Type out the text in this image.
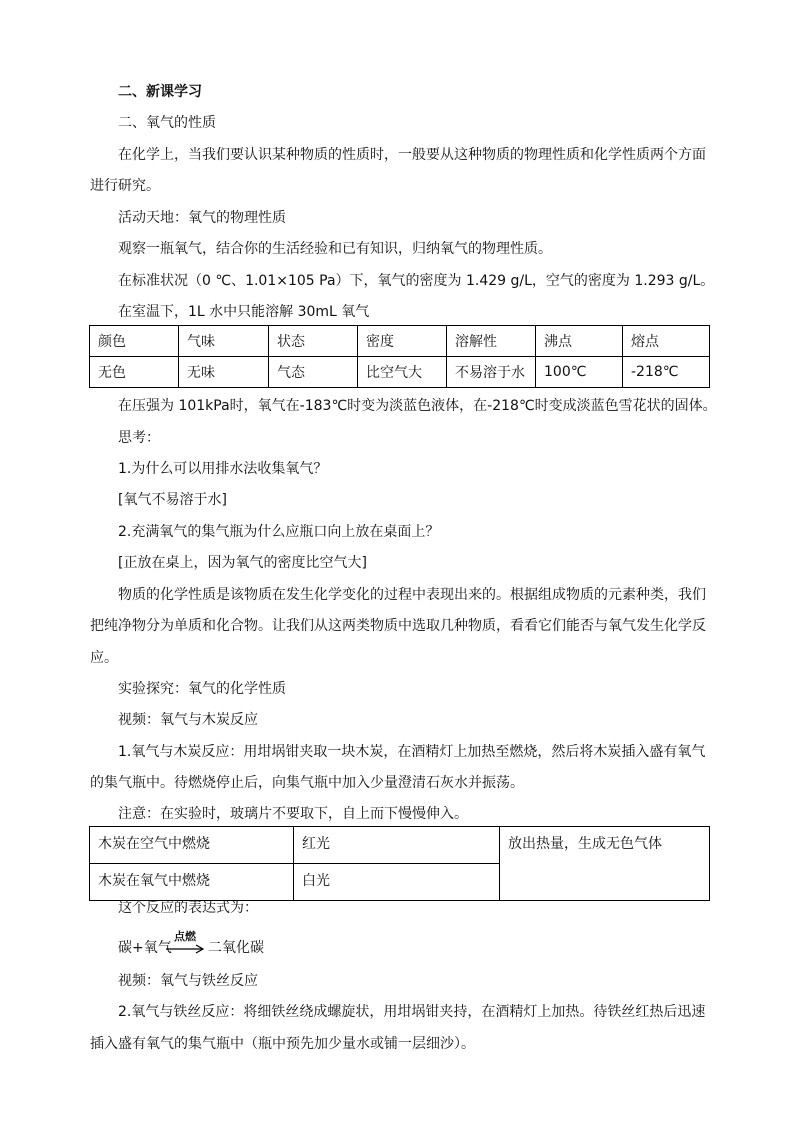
二、新课学习
二、氧气的性质
在化学上，当我们要认识某种物质的性质时，一般要从这种物质的物理性质和化学性质两个方面
进行研究。
活动天地：氧气的物理性质
观察一瓶氧气，结合你的生活经验和已有知识，归纳氧气的物理性质。
在标准状况（0 ℃、1.01×105 Pa）下，氧气的密度为 1.429 g/L，空气的密度为 1.293 g/L。
在室温下，1L 水中只能溶解 30mL 氧气
颜色	气味	状态	密度	溶解性	沸点	熔点
无色	无味	气态	比空气大	不易溶于水	100℃	-218℃
在压强为 101kPa时，氧气在-183℃时变为淡蓝色液体，在-218℃时变成淡蓝色雪花状的固体。
思考：
1.为什么可以用排水法收集氧气？
[氧气不易溶于水]
2.充满氧气的集气瓶为什么应瓶口向上放在桌面上？
[正放在桌上，因为氧气的密度比空气大]
物质的化学性质是该物质在发生化学变化的过程中表现出来的。根据组成物质的元素种类，我们
把纯净物分为单质和化合物。让我们从这两类物质中选取几种物质，看看它们能否与氧气发生化学反
应。
实验探究：氧气的化学性质
视频：氧气与木炭反应
1.氧气与木炭反应：用坩埚钳夹取一块木炭，在酒精灯上加热至燃烧，然后将木炭插入盛有氧气
的集气瓶中。待燃烧停止后，向集气瓶中加入少量澄清石灰水并振荡。
注意：在实验时，玻璃片不要取下，自上而下慢慢伸入。
木炭在空气中燃烧	红光	放出热量，生成无色气体
木炭在氧气中燃烧	白光	
这个反应的表达式为：
碳+氧气
点燃
→ 二氧化碳
视频：氧气与铁丝反应
2.氧气与铁丝反应：将细铁丝绕成螺旋状，用坩埚钳夹持，在酒精灯上加热。待铁丝红热后迅速
插入盛有氧气的集气瓶中（瓶中预先加少量水或铺一层细沙）。
